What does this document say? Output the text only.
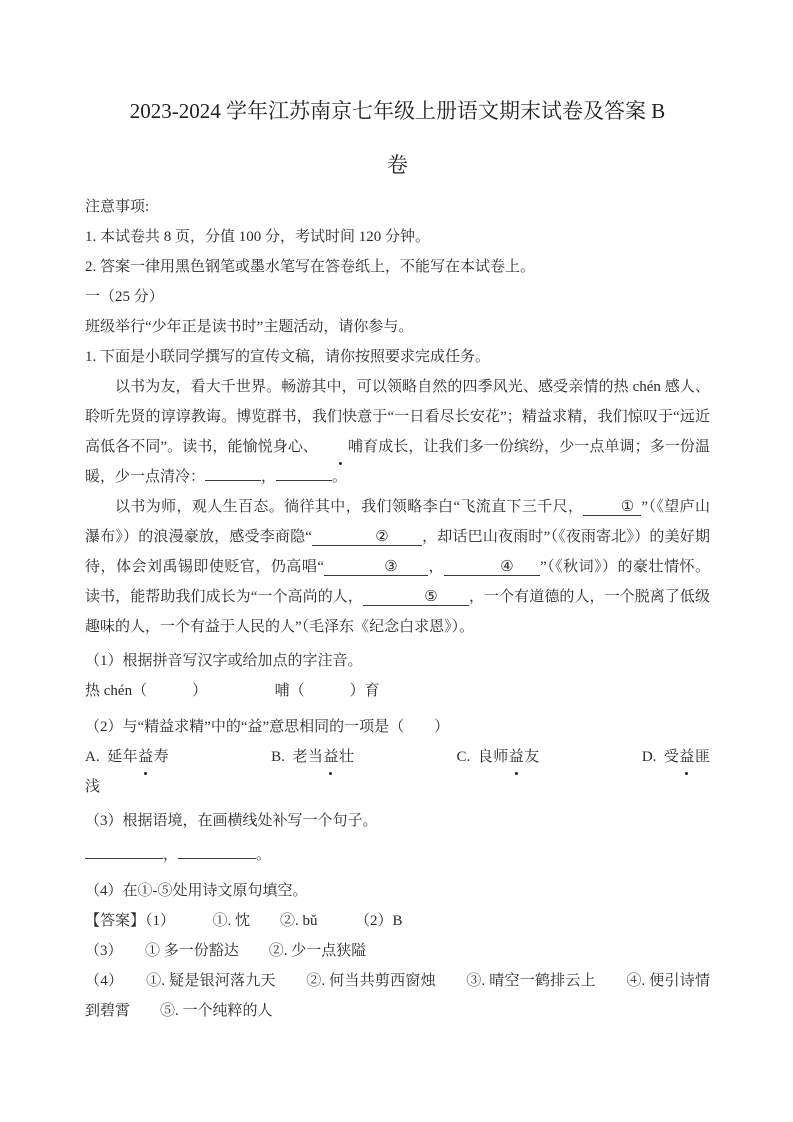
2023-2024 学年江苏南京七年级上册语文期末试卷及答案 B
卷

注意事项:

1. 本试卷共 8 页，分值 100 分，考试时间 120 分钟。

2. 答案一律用黑色钢笔或墨水笔写在答卷纸上，不能写在本试卷上。

一（25 分）

班级举行“少年正是读书时”主题活动，请你参与。

1. 下面是小联同学撰写的宣传文稿，请你按照要求完成任务。

以书为友，看大千世界。畅游其中，可以领略自然的四季风光、感受亲情的热 chén 感人、聆听先贤的谆谆教诲。博览群书，我们快意于“一日看尽长安花”；精益求精，我们惊叹于“远近高低各不同”。读书，能愉悦身心、 哺育成长，让我们多一份缤纷，少一点单调；多一份温暖，少一点清冷：	，	。

以书为师，观人生百态。徜徉其中，我们领略李白“飞流直下三千尺， ① ”（《望庐山瀑布》）的浪漫豪放，感受李商隐“	② ，却话巴山夜雨时”（《夜雨寄北》）的美好期待，体会刘禹锡即使贬官，仍高唱“	③ ，	④ ”（《秋词》）的豪壮情怀。读书，能帮助我们成长为“一个高尚的人，	⑤ ，一个有道德的人，一个脱离了低级趣味的人，一个有益于人民的人”（毛泽东《纪念白求恩》）。

（1）根据拼音写汉字或给加点的字注音。

热 chén（　　　）　　　　　哺（　　　）育

（2）与“精益求精”中的“益”意思相同的一项是（　　）

A. 延年益寿	B. 老当益壮	C. 良师益友	D. 受益匪浅

（3）根据语境，在画横线处补写一个句子。

，	。

（4）在①-⑤处用诗文原句填空。

【答案】（1）　　　①. 忱　　②. bǔ　　　（2）B

（3）　　① 多一份豁达　　②. 少一点狭隘

（4）　　①. 疑是银河落九天　　②. 何当共剪西窗烛　　③. 晴空一鹤排云上　　④. 便引诗情到碧霄　　⑤. 一个纯粹的人
